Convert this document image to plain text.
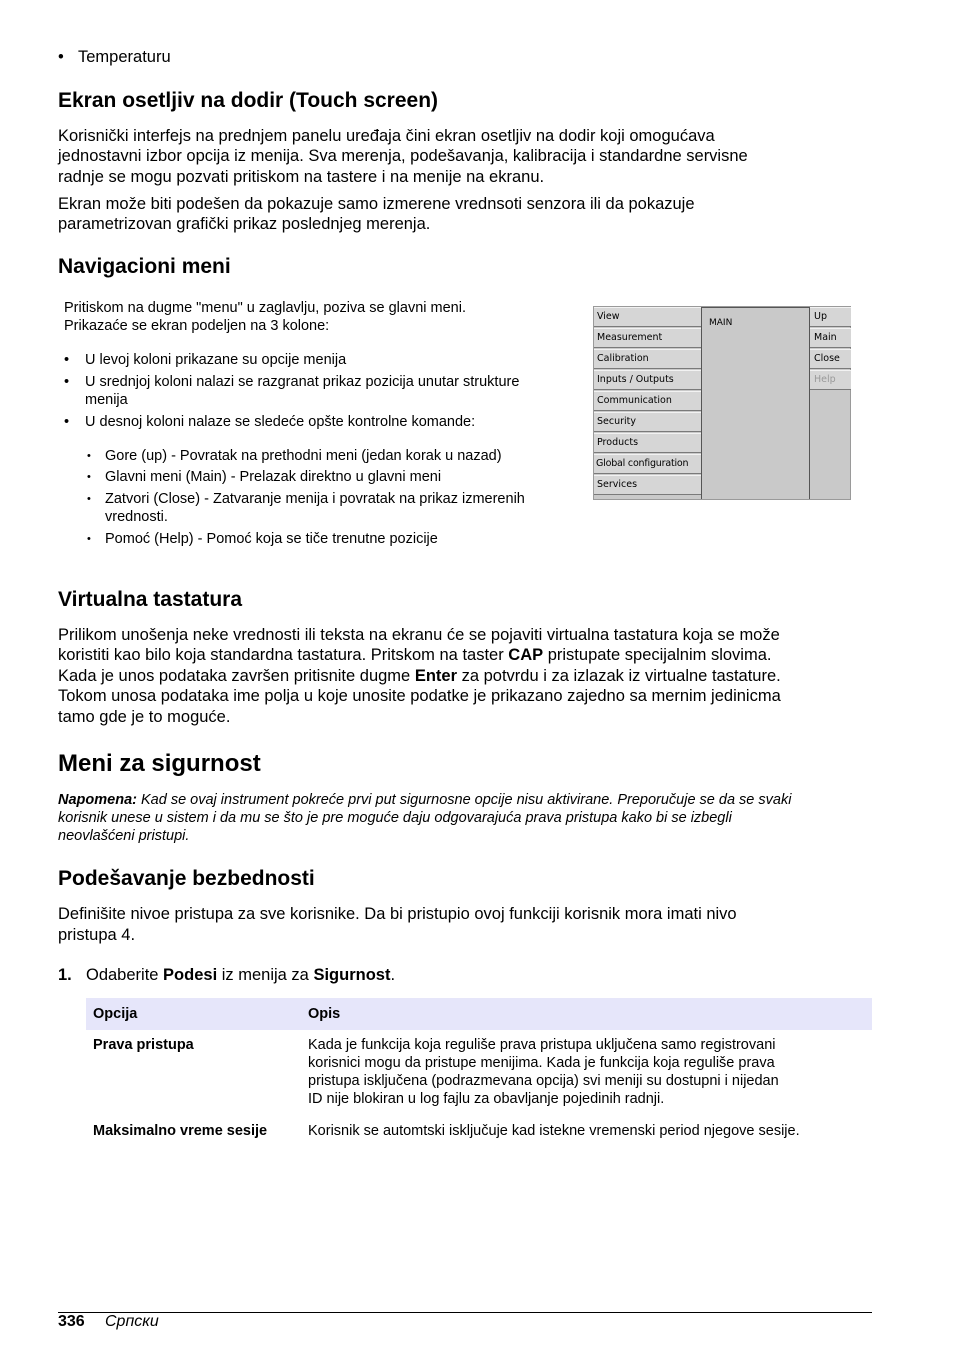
• Temperaturu
Ekran osetljiv na dodir (Touch screen)
Korisnički interfejs na prednjem panelu uređaja čini ekran osetljiv na dodir koji omogućava
jednostavni izbor opcija iz menija. Sva merenja, podešavanja, kalibracija i standardne servisne
radnje se mogu pozvati pritiskom na tastere i na menije na ekranu.
Ekran može biti podešen da pokazuje samo izmerene vrednsoti senzora ili da pokazuje
parametrizovan grafički prikaz poslednjeg merenja.
Navigacioni meni
Pritiskom na dugme "menu" u zaglavlju, poziva se glavni meni.
Prikazaće se ekran podeljen na 3 kolone:
• U levoj koloni prikazane su opcije menija
• U srednjoj koloni nalazi se razgranat prikaz pozicija unutar strukture
menija
• U desnoj koloni nalaze se sledeće opšte kontrolne komande:
• Gore (up) - Povratak na prethodni meni (jedan korak u nazad)
• Glavni meni (Main) - Prelazak direktno u glavni meni
• Zatvori (Close) - Zatvaranje menija i povratak na prikaz izmerenih
vrednosti.
• Pomoć (Help) - Pomoć koja se tiče trenutne pozicije
View
Measurement
Calibration
Inputs / Outputs
Communication
Security
Products
Global configuration
Services
MAIN
Up
Main
Close
Help
Virtualna tastatura
Prilikom unošenja neke vrednosti ili teksta na ekranu će se pojaviti virtualna tastatura koja se može
koristiti kao bilo koja standardna tastatura. Pritskom na taster CAP pristupate specijalnim slovima.
Kada je unos podataka završen pritisnite dugme Enter za potvrdu i za izlazak iz virtualne tastature.
Tokom unosa podataka ime polja u koje unosite podatke je prikazano zajedno sa mernim jedinicma
tamo gde je to moguće.
Meni za sigurnost
Napomena: Kad se ovaj instrument pokreće prvi put sigurnosne opcije nisu aktivirane. Preporučuje se da se svaki
korisnik unese u sistem i da mu se što je pre moguće daju odgovarajuća prava pristupa kako bi se izbegli
neovlašćeni pristupi.
Podešavanje bezbednosti
Definišite nivoe pristupa za sve korisnike. Da bi pristupio ovoj funkciji korisnik mora imati nivo
pristupa 4.
1. Odaberite Podesi iz menija za Sigurnost.
Opcija	Opis
Prava pristupa	Kada je funkcija koja reguliše prava pristupa uključena samo registrovani
korisnici mogu da pristupe menijima. Kada je funkcija koja reguliše prava
pristupa isključena (podrazmevana opcija) svi meniji su dostupni i nijedan
ID nije blokiran u log fajlu za obavljanje pojedinih radnji.
Maksimalno vreme sesije	Korisnik se automtski isključuje kad istekne vremenski period njegove sesije.
336 Српски
